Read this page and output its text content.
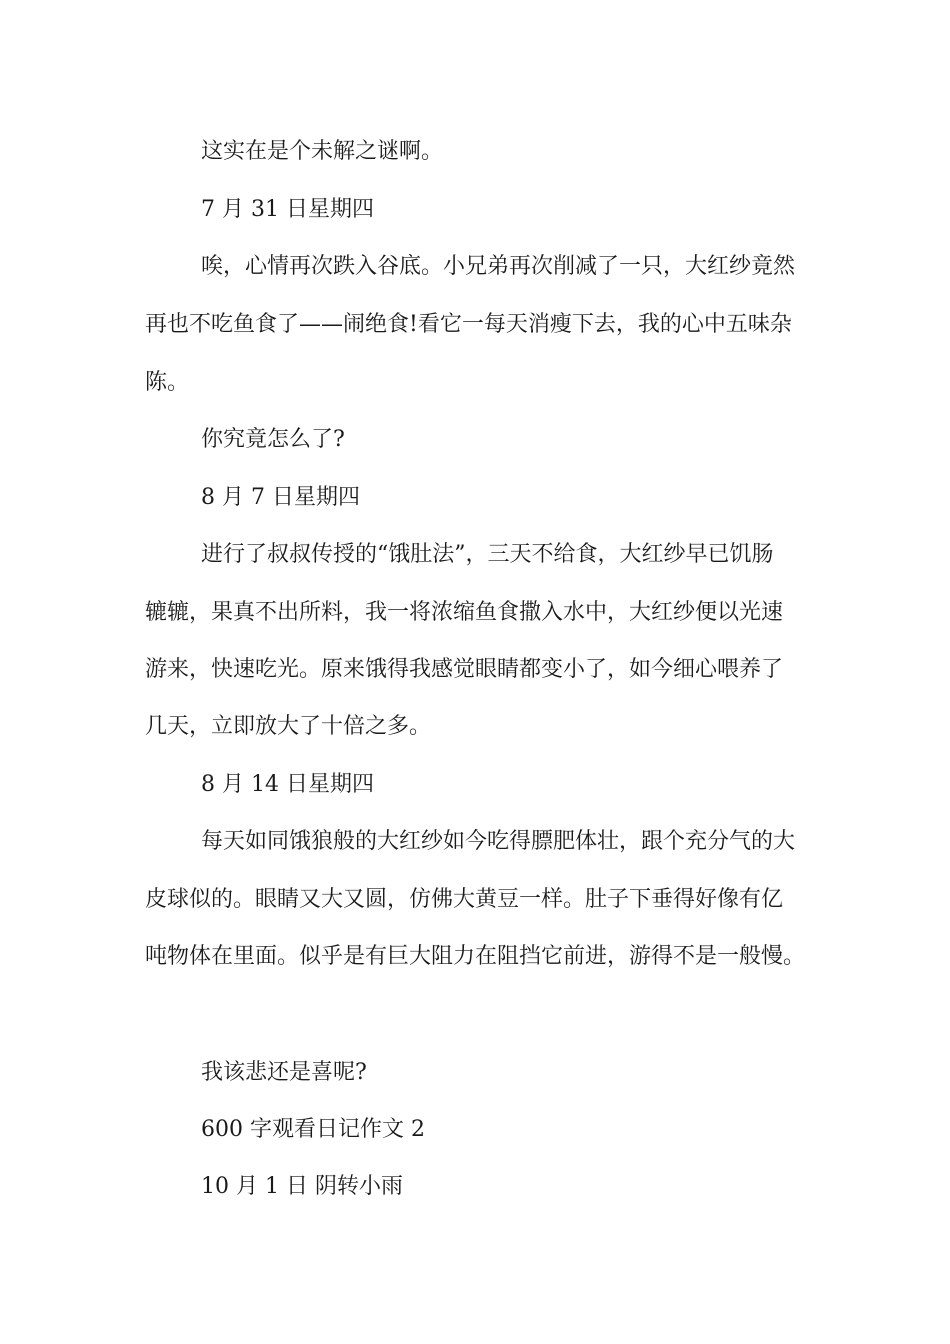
这实在是个未解之谜啊。

7 月 31 日星期四

唉，心情再次跌入谷底。小兄弟再次削减了一只，大红纱竟然

再也不吃鱼食了——闹绝食!看它一每天消瘦下去，我的心中五味杂

陈。

你究竟怎么了?

8 月 7 日星期四

进行了叔叔传授的“饿肚法”，三天不给食，大红纱早已饥肠

辘辘，果真不出所料，我一将浓缩鱼食撒入水中，大红纱便以光速

游来，快速吃光。原来饿得我感觉眼睛都变小了，如今细心喂养了

几天，立即放大了十倍之多。

8 月 14 日星期四

每天如同饿狼般的大红纱如今吃得膘肥体壮，跟个充分气的大

皮球似的。眼睛又大又圆，仿佛大黄豆一样。肚子下垂得好像有亿

吨物体在里面。似乎是有巨大阻力在阻挡它前进，游得不是一般慢。

我该悲还是喜呢?

600 字观看日记作文 2

10 月 1 日 阴转小雨
